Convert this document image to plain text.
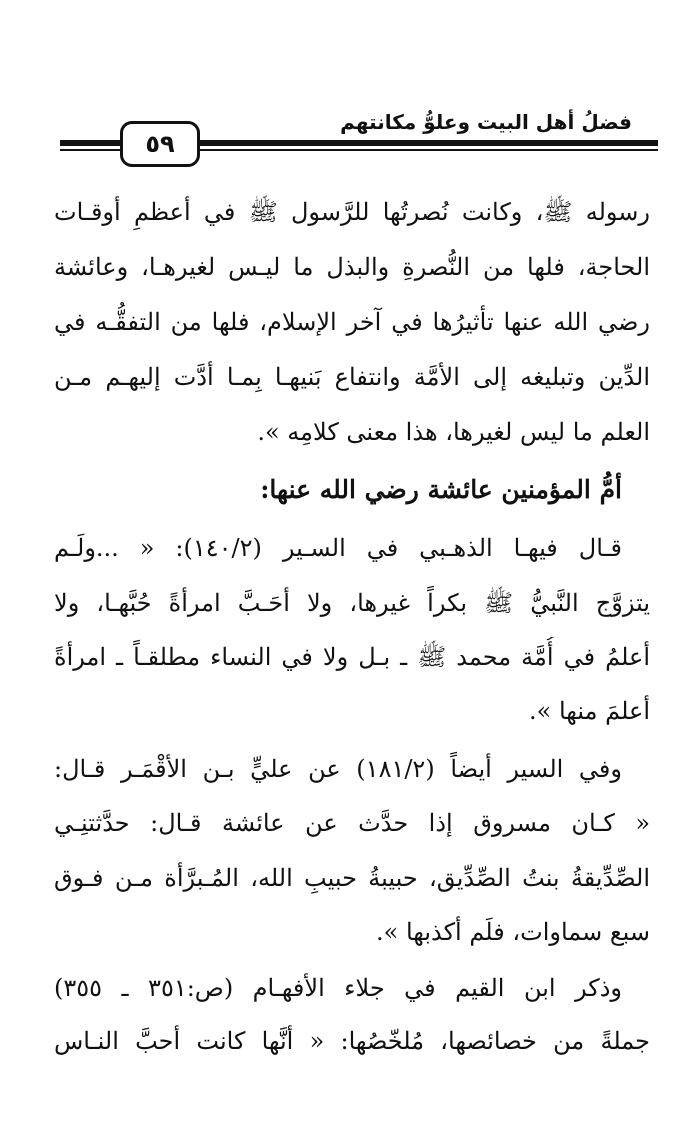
فضلُ أهل البيت وعلوُّ مكانتهم
٥٩
رسوله ﷺ، وكانت نُصرتُها للرَّسول ﷺ في أعظمِ أوقـات
الحاجة، فلها من النُّصرةِ والبذل ما ليـس لغيرهـا، وعائشة
رضي الله عنها تأثيرُها في آخر الإسلام، فلها من التفقُّـه في
الدِّين وتبليغه إلى الأمَّة وانتفاع بَنيهـا بِمـا أدَّت إليهـم مـن
العلم ما ليس لغيرها، هذا معنى كلامِه ».
أمُّ المؤمنين عائشة رضي الله عنها:
قـال فيهـا الذهـبي في السـير (١٤٠/٢): « ...ولَـم
يتزوَّج النَّبيُّ ﷺ بكراً غيرها، ولا أحَـبَّ امرأةً حُبَّهـا، ولا
أعلمُ في أُمَّة محمد ﷺ ـ بـل ولا في النساء مطلقـاً ـ امرأةً
أعلمَ منها ».
وفي السير أيضاً (١٨١/٢) عن عليٍّ بـن الأقْمَـر قـال:
« كـان مسروق إذا حدَّث عن عائشة قـال: حدَّثتنِـي
الصِّدِّيقةُ بنتُ الصِّدِّيق، حبيبةُ حبيبِ الله، المُـبرَّأة مـن فـوق
سبع سماوات، فلَم أكذبها ».
وذكر ابن القيم في جلاء الأفهـام (ص:٣٥١ ـ ٣٥٥)
جملةً من خصائصها، مُلخّصُها: « أنَّها كانت أحبَّ النـاس
